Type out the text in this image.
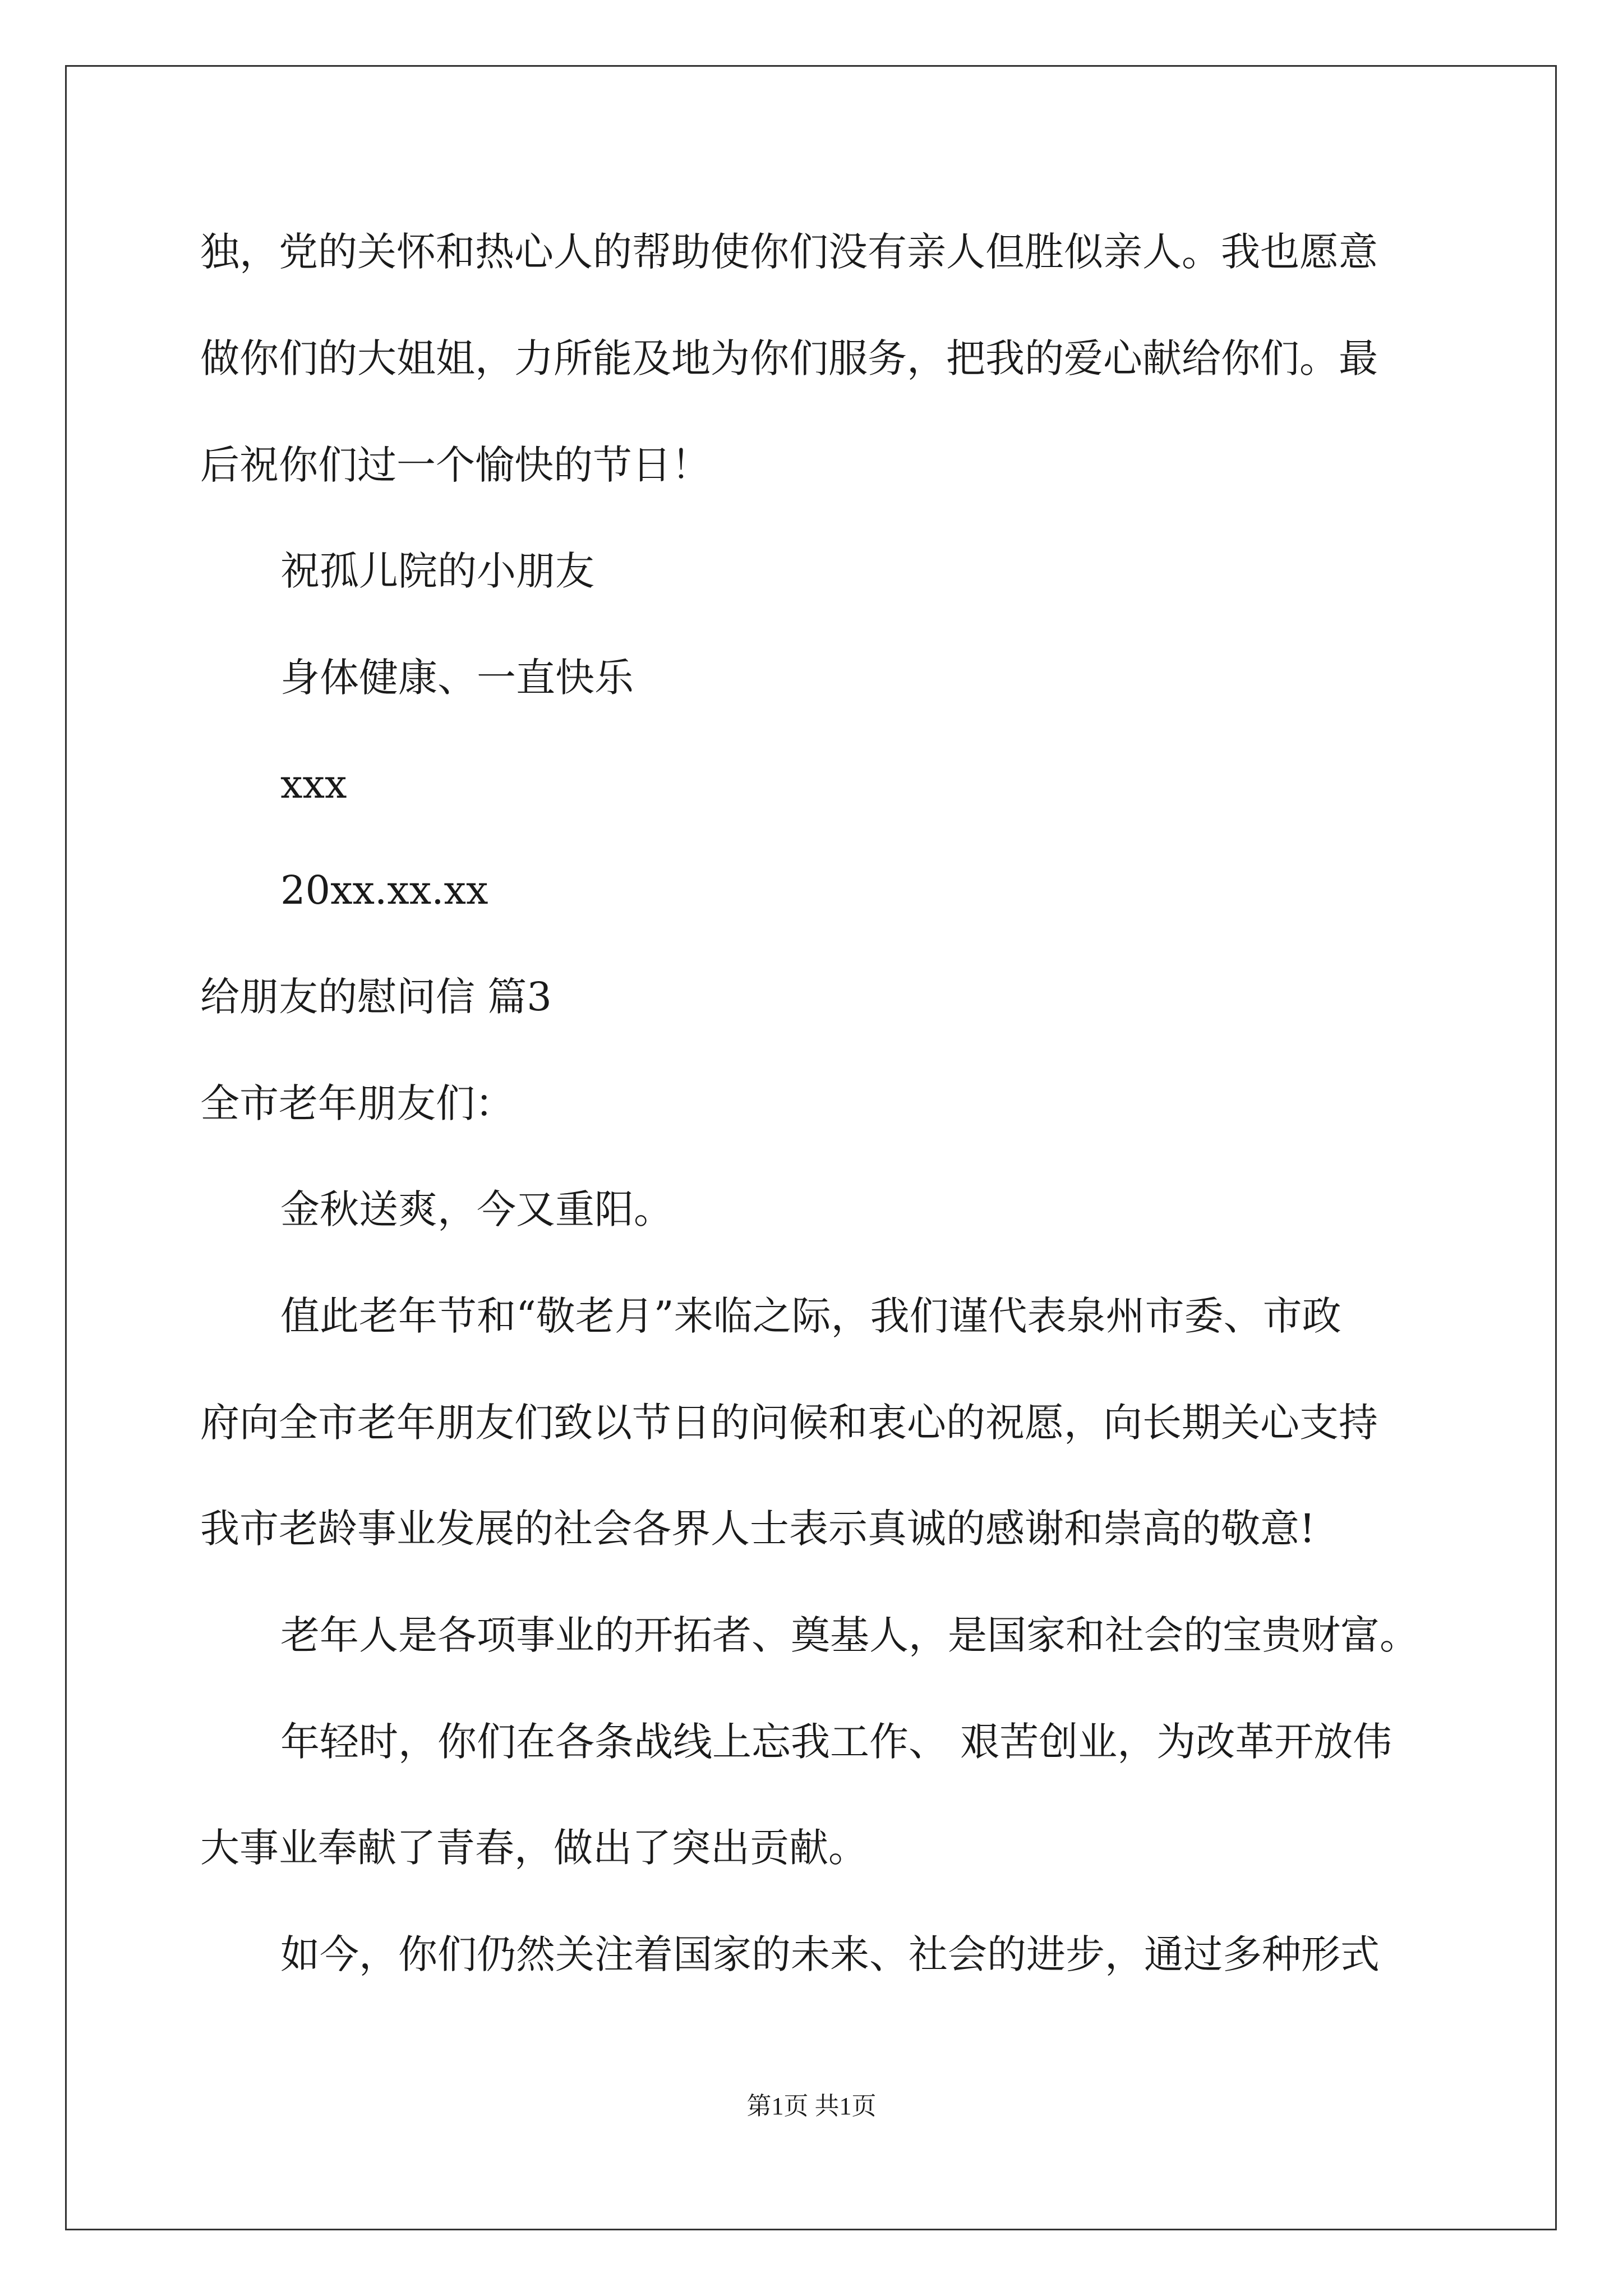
独，党的关怀和热心人的帮助使你们没有亲人但胜似亲人。我也愿意
做你们的大姐姐，力所能及地为你们服务，把我的爱心献给你们。最
后祝你们过一个愉快的节日！
祝孤儿院的小朋友
身体健康、一直快乐
xxx
20xx.xx.xx
给朋友的慰问信 篇3
全市老年朋友们：
金秋送爽，今又重阳。
值此老年节和“敬老月”来临之际，我们谨代表泉州市委、市政
府向全市老年朋友们致以节日的问候和衷心的祝愿，向长期关心支持
我市老龄事业发展的社会各界人士表示真诚的感谢和崇高的敬意!
老年人是各项事业的开拓者、奠基人，是国家和社会的宝贵财富。
年轻时，你们在各条战线上忘我工作、 艰苦创业，为改革开放伟
大事业奉献了青春，做出了突出贡献。
如今，你们仍然关注着国家的未来、社会的进步，通过多种形式
第1页 共1页
